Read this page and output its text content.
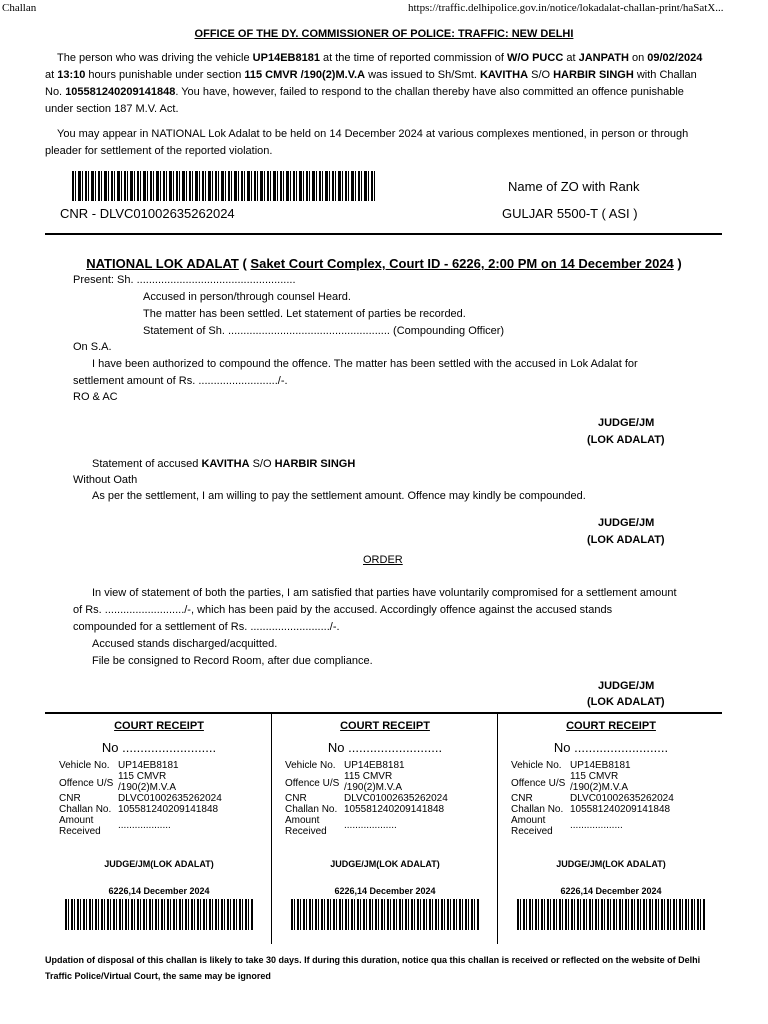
Challan	https://traffic.delhipolice.gov.in/notice/lokadalat-challan-print/haSatX...
OFFICE OF THE DY. COMMISSIONER OF POLICE: TRAFFIC: NEW DELHI
The person who was driving the vehicle UP14EB8181 at the time of reported commission of W/O PUCC at JANPATH on 09/02/2024
at 13:10 hours punishable under section 115 CMVR /190(2)M.V.A was issued to Sh/Smt. KAVITHA S/O HARBIR SINGH with Challan
No. 105581240209141848. You have, however, failed to respond to the challan thereby have also committed an offence punishable
under section 187 M.V. Act.
You may appear in NATIONAL Lok Adalat to be held on 14 December 2024 at various complexes mentioned, in person or through
pleader for settlement of the reported violation.
CNR - DLVC01002635262024
Name of ZO with Rank
GULJAR 5500-T ( ASI )
NATIONAL LOK ADALAT ( Saket Court Complex, Court ID - 6226, 2:00 PM on 14 December 2024 )
Present: Sh. ....................................................
Accused in person/through counsel Heard.
The matter has been settled. Let statement of parties be recorded.
Statement of Sh. ..................................................... (Compounding Officer)
On S.A.
I have been authorized to compound the offence. The matter has been settled with the accused in Lok Adalat for
settlement amount of Rs. ........................../-.
RO & AC
JUDGE/JM
(LOK ADALAT)
Statement of accused KAVITHA S/O HARBIR SINGH
Without Oath
As per the settlement, I am willing to pay the settlement amount. Offence may kindly be compounded.
JUDGE/JM
(LOK ADALAT)
ORDER
In view of statement of both the parties, I am satisfied that parties have voluntarily compromised for a settlement amount
of Rs. ........................../-, which has been paid by the accused. Accordingly offence against the accused stands
compounded for a settlement of Rs. ........................../-.
Accused stands discharged/acquitted.
File be consigned to Record Room, after due compliance.
JUDGE/JM
(LOK ADALAT)
COURT RECEIPT
No ..........................
Vehicle No.	UP14EB8181
Offence U/S	115 CMVR
/190(2)M.V.A

CNR	DLVC01002635262024
Challan No.	105581240209141848

Amount
Received	...................
JUDGE/JM(LOK ADALAT)
6226,14 December 2024
COURT RECEIPT
No ..........................
Vehicle No.	UP14EB8181
Offence U/S	115 CMVR
/190(2)M.V.A

CNR	DLVC01002635262024
Challan No.	105581240209141848

Amount
Received	...................
JUDGE/JM(LOK ADALAT)
6226,14 December 2024
COURT RECEIPT
No ..........................
Vehicle No.	UP14EB8181
Offence U/S	115 CMVR
/190(2)M.V.A

CNR	DLVC01002635262024
Challan No.	105581240209141848

Amount
Received	...................
JUDGE/JM(LOK ADALAT)
6226,14 December 2024
Updation of disposal of this challan is likely to take 30 days. If during this duration, notice qua this challan is received or reflected on the website of Delhi
Traffic Police/Virtual Court, the same may be ignored
